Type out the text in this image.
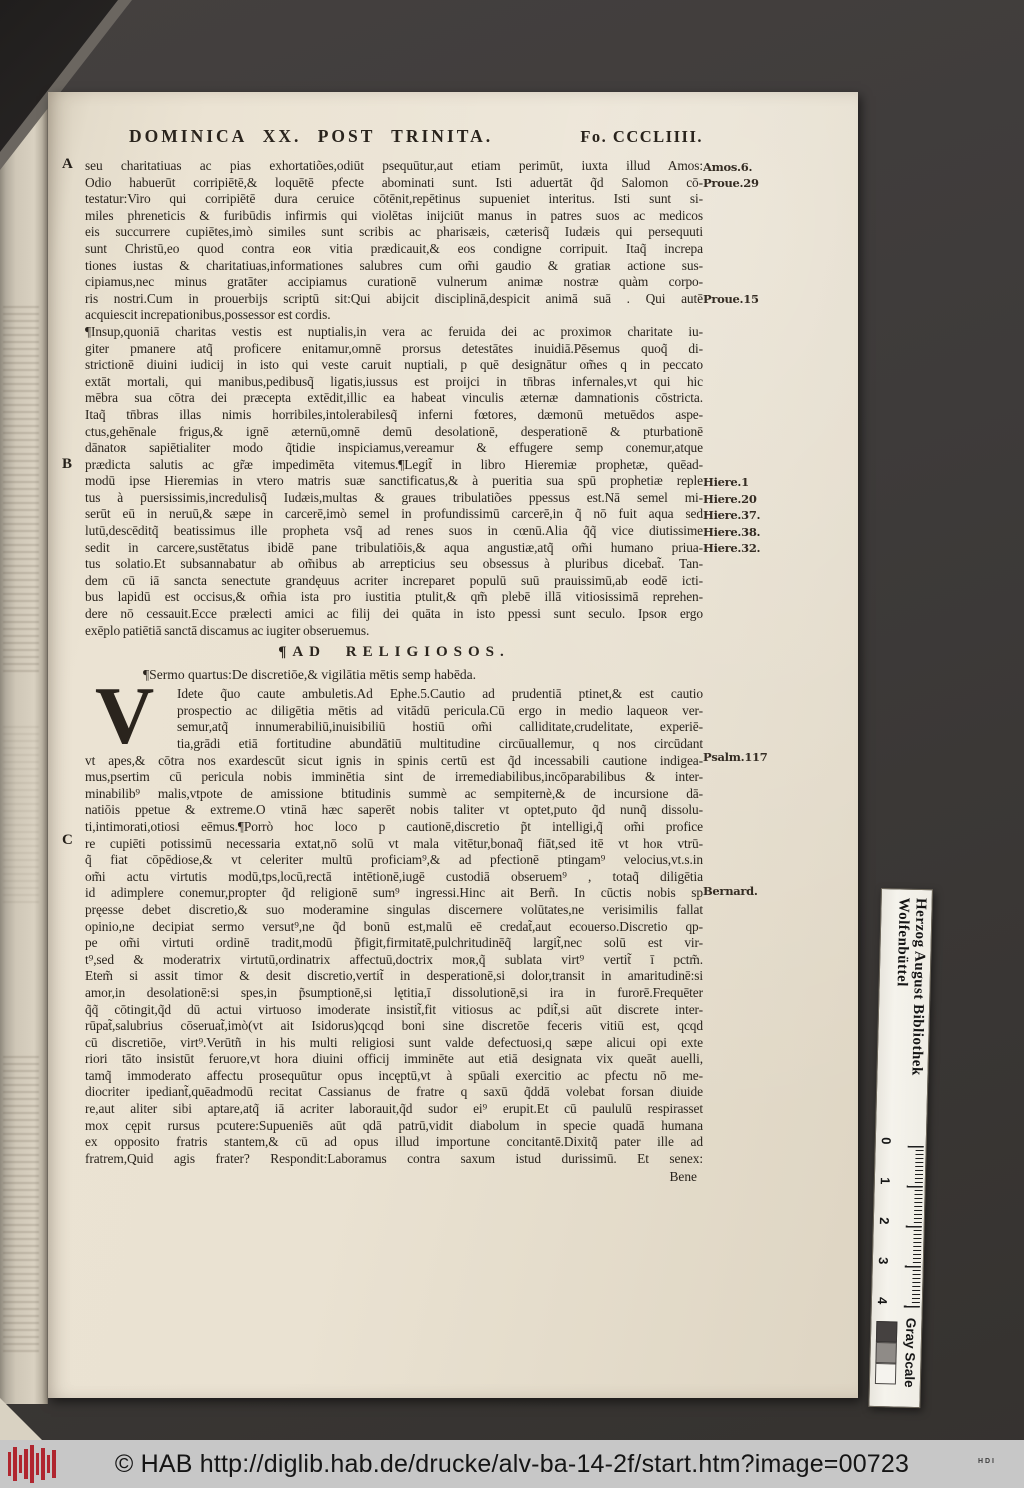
A
B
C
Amos.6.
Proue.29
Proue.15
Hiere.1
Hiere.20
Hiere.37.
Hiere.38.
Hiere.32.
Psalm.117
Bernard.
DOMINICA XX. POST TRINITA.	Fo. CCCLIIII.
seu charitatiuas ac pias exhortatiões,odiūt psequūtur,aut etiam perimūt, iuxta illud Amos:
Odio habuerūt corripiētē,& loquētē pfecte abominati sunt. Isti aduertāt q̃d Salomon cō-
testatur:Viro qui corripiētē dura ceruice cōtēnit,repētinus supueniet interitus. Isti sunt si-
miles phreneticis & furibūdis infirmis qui violētas inĳciūt manus in patres suos ac medicos
eis succurrere cupiētes,imò similes sunt scribis ac pharisæis, cæterisq̃ Iudæis qui persequuti
sunt Christū,eo quod contra eoʀ vitia prædicauit,& eos condigne corripuit. Itaq̃ increpa
tiones iustas & charitatiuas,informationes salubres cum om̃i gaudio & gratiaʀ actione sus-
cipiamus,nec minus gratāter accipiamus curationē vulnerum animæ nostræ quàm corpo-
ris nostri.Cum in prouerbĳs scriptū sit:Qui abĳcit disciplinā,despicit animā suā . Qui autē
acquiescit increpationibus,possessor est cordis.
¶Insup,quoniā charitas vestis est nuptialis,in vera ac feruida dei ac proximoʀ charitate iu-
giter pmanere atq̃ proficere enitamur,omnē prorsus detestātes inuidiā.Pēsemus quoq̃ di-
strictionē diuini iudicĳ in isto qui veste caruit nuptiali, p quē designātur om̃es q in peccato
extāt mortali, qui manibus,pedibusq̃ ligatis,iussus est proĳci in tn̄bras infernales,vt qui hic
mēbra sua cōtra dei præcepta extēdit,illic ea habeat vinculis æternæ damnationis cōstricta.
Itaq̃ tn̄bras illas nimis horribiles,intolerabilesq̃ inferni fœtores, dæmonū metuēdos aspe-
ctus,gehēnale frigus,& ignē æternū,omnē demū desolationē, desperationē & pturbationē
dānatoʀ sapiētialiter modo q̃tidie inspiciamus,vereamur & effugere semp conemur,atque
prædicta salutis ac gr̃æ impedimēta vitemus.¶Legit̃ in libro Hieremiæ prophetæ, quēad-
modū ipse Hieremias in vtero matris suæ sanctificatus,& à pueritia sua spū prophetiæ reple
tus à puersissimis,incredulisq̃ Iudæis,multas & graues tribulatiões ppessus est.Nā semel mi-
serūt eū in neruū,& sæpe in carcerē,imò semel in profundissimū carcerē,in q̃ nō fuit aqua sed
lutū,descēditq̃ beatissimus ille propheta vsq̃ ad renes suos in cœnū.Alia q̃q̃ vice diutissime
sedit in carcere,sustētatus ibidē pane tribulatiōis,& aqua angustiæ,atq̃ om̃i humano priua-
tus solatio.Et subsannabatur ab om̃ibus ab arrepticius seu obsessus à pluribus dicebat̃. Tan-
dem cū iā sancta senectute grandęuus acriter increparet populū suū prauissimū,ab eodē icti-
bus lapidū est occisus,& om̃ia ista pro iustitia ptulit,& qm̃ plebē illā vitiosissimā reprehen-
dere nō cessauit.Ecce prælecti amici ac filĳ dei quāta in isto ppessi sunt seculo. Ipsoʀ ergo
exēplo patiētiā sanctā discamus ac iugiter obseruemus.
¶AD RELIGIOSOS.
¶Sermo quartus:De discretiōe,& vigilātia mētis semp habēda.
V	Idete q̃uo caute ambuletis.Ad Ephe.5.Cautio ad prudentiā ptinet,& est cautio
prospectio ac diligētia mētis ad vitādū pericula.Cū ergo in medio laqueoʀ ver-
semur,atq̃ innumerabiliū,inuisibiliū hostiū om̃i calliditate,crudelitate, experiē-
tia,grādi etiā fortitudine abundātiū multitudine circūuallemur, q nos circūdant
vt apes,& cōtra nos exardescūt sicut ignis in spinis certū est q̃d incessabili cautione indigea-
mus,psertim cū pericula nobis imminētia sint de irremediabilibus,incōparabilibus & inter-
minabilib⁹ malis,vtpote de amissione btitudinis summè ac sempiternè,& de incursione dā-
natiōis ppetue & extreme.O vtinā hæc saperēt nobis taliter vt optet,puto q̃d nunq̃ dissolu-
ti,intimorati,otiosi eēmus.¶Porrò hoc loco p cautionē,discretio p̃t intelligi,q̃ om̃i profice
re cupiēti potissimū necessaria extat,nō solū vt mala vitētur,bonaq̃ fiāt,sed itē vt hoʀ vtrū-
q̃ fiat cōpēdiose,& vt celeriter multū proficiam⁹,& ad pfectionē ptingam⁹ velocius,vt.s.in
om̃i actu virtutis modū,tps,locū,rectā intētionē,iugē custodiā obseruem⁹ , totaq̃ diligētia
id adimplere conemur,propter q̃d religionē sum⁹ ingressi.Hinc ait Berñ. In cūctis nobis sp
pręesse debet discretio,& suo moderamine singulas discernere volūtates,ne verisimilis fallat
opinio,ne decipiat sermo versut⁹,ne q̃d bonū est,malū eē credat̃,aut ecouerso.Discretio qp-
pe om̃i virtuti ordinē tradit,modū p̃figit,firmitatē,pulchritudinēq̃ largit̃,nec solū est vir-
t⁹,sed & moderatrix virtutū,ordinatrix affectuū,doctrix moʀ,q̃ sublata virt⁹ vertit̃ ī pctm̃.
Etem̃ si assit timor & desit discretio,vertit̃ in desperationē,si dolor,transit in amaritudinē:si
amor,in desolationē:si spes,in p̃sumptionē,si lętitia,ī dissolutionē,si ira in furorē.Frequēter
q̃q̃ cōtingit,q̃d dū actui virtuoso imoderate insistit̃,fit vitiosus ac pdit̃,si aūt discrete inter-
rūpat̃,salubrius cōseruat̃,imò(vt ait Isidorus)qcqd boni sine discretōe feceris vitiū est, qcqd
cū discretiōe, virt⁹.Verūtñ in his multi religiosi sunt valde defectuosi,q sæpe alicui opi exte
riori tāto insistūt feruore,vt hora diuini officĳ imminēte aut etiā designata vix queāt auelli,
tamq̃ immoderato affectu prosequūtur opus incęptū,vt à spūali exercitio ac pfectu nō me-
diocriter ipediant̃,quēadmodū recitat Cassianus de fratre q saxū q̃ddā volebat forsan diuide
re,aut aliter sibi aptare,atq̃ iā acriter laborauit,q̃d sudor ei⁹ erupit.Et cū paululū respirasset
mox cępit rursus pcutere:Supueniēs aūt qdā patrū,vidit diabolum in specie quadā humana
ex opposito fratris stantem,& cū ad opus illud importune concitantē.Dixitq̃ pater ille ad
fratrem,Quid agis frater? Respondit:Laboramus contra saxum istud durissimū. Et senex:
Bene
Herzog August Bibliothek
Wolfenbüttel
0
1
2
3
4
Gray Scale
© HAB http://diglib.hab.de/drucke/alv-ba-14-2f/start.htm?image=00723	HDI
